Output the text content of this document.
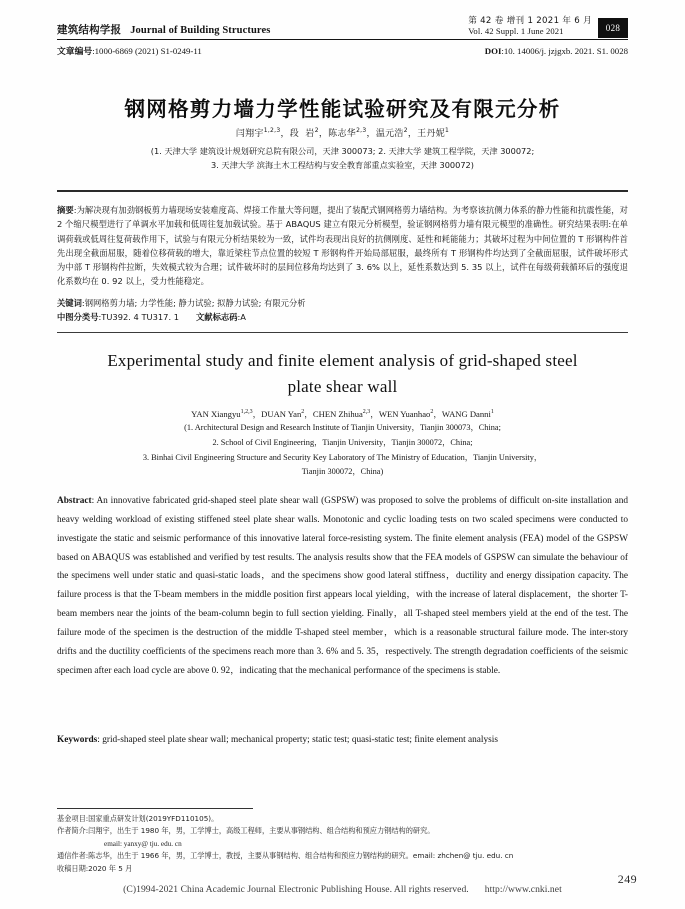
建筑结构学报 Journal of Building Structures
第 42 卷 增刊 1 2021 年 6 月
Vol. 42 Suppl. 1 June 2021	028
文章编号:1000-6869 (2021) S1-0249-11	DOI:10. 14006/j. jzjgxb. 2021. S1. 0028
钢网格剪力墙力学性能试验研究及有限元分析
闫翔宇$^{1,2,3}$，段  岩$^2$，陈志华$^{2,3}$，温元浩$^2$，王丹妮$^1$
(1. 天津大学 建筑设计规划研究总院有限公司，天津 300073; 2. 天津大学 建筑工程学院，天津 300072;
3. 天津大学 滨海土木工程结构与安全教育部重点实验室，天津 300072)
摘要:为解决现有加劲钢板剪力墙现场安装难度高、焊接工作量大等问题，提出了装配式钢网格剪力墙结构。为考察该抗侧力体系的静力性能和抗震性能，对 2 个缩尺模型进行了单调水平加载和低周往复加载试验。基于 ABAQUS 建立有限元分析模型，验证钢网格剪力墙有限元模型的准确性。研究结果表明:在单调荷载或低周往复荷载作用下，试验与有限元分析结果较为一致，试件均表现出良好的抗侧刚度、延性和耗能能力；其破坏过程为中间位置的 T 形钢构件首先出现全截面屈服，随着位移荷载的增大，靠近梁柱节点位置的较短 T 形钢构件开始局部屈服，最终所有 T 形钢构件均达到了全截面屈服，试件破坏形式为中部 T 形钢构件拉断，失效模式较为合理；试件破坏时的层间位移角均达到了 3. 6% 以上，延性系数达到 5. 35 以上，试件在每级荷载循环后的强度退化系数均在 0. 92 以上，受力性能稳定。
关键词:钢网格剪力墙; 力学性能; 静力试验; 拟静力试验; 有限元分析
中图分类号:TU392. 4 TU317. 1 文献标志码:A
Experimental study and finite element analysis of grid-shaped steel plate shear wall
YAN Xiangyu$^{1,2,3}$，DUAN Yan$^2$，CHEN Zhihua$^{2,3}$，WEN Yuanhao$^2$，WANG Danni$^1$
(1. Architectural Design and Research Institute of Tianjin University，Tianjin 300073，China;
2. School of Civil Engineering，Tianjin University，Tianjin 300072，China;
3. Binhai Civil Engineering Structure and Security Key Laboratory of The Ministry of Education，Tianjin University，
Tianjin 300072，China)
Abstract: An innovative fabricated grid-shaped steel plate shear wall (GSPSW) was proposed to solve the problems of difficult on-site installation and heavy welding workload of existing stiffened steel plate shear walls. Monotonic and cyclic loading tests on two scaled specimens were conducted to investigate the static and seismic performance of this innovative lateral force-resisting system. The finite element analysis (FEA) model of the GSPSW based on ABAQUS was established and verified by test results. The analysis results show that the FEA models of GSPSW can simulate the behaviour of the specimens well under static and quasi-static loads，and the specimens show good lateral stiffness，ductility and energy dissipation capacity. The failure process is that the T-beam members in the middle position first appears local yielding，with the increase of lateral displacement，the shorter T-beam members near the joints of the beam-column begin to full section yielding. Finally，all T-shaped steel members yield at the end of the test. The failure mode of the specimen is the destruction of the middle T-shaped steel member，which is a reasonable structural failure mode. The inter-story drifts and the ductility coefficients of the specimens reach more than 3. 6% and 5. 35，respectively. The strength degradation coefficients of the seismic specimen after each load cycle are above 0. 92，indicating that the mechanical performance of the specimens is stable.
Keywords: grid-shaped steel plate shear wall; mechanical property; static test; quasi-static test; finite element analysis
基金项目:国家重点研发计划(2019YFD110105)。
作者简介:闫翔宇，出生于 1980 年，男，工学博士，高级工程师，主要从事钢结构、组合结构和预应力钢结构的研究。
email: yanxy@ tju. edu. cn
通信作者:陈志华，出生于 1966 年，男，工学博士，教授，主要从事钢结构、组合结构和预应力钢结构的研究。email: zhchen@ tju. edu. cn
收稿日期:2020 年 5 月
249
(C)1994-2021 China Academic Journal Electronic Publishing House. All rights reserved. http://www.cnki.net
